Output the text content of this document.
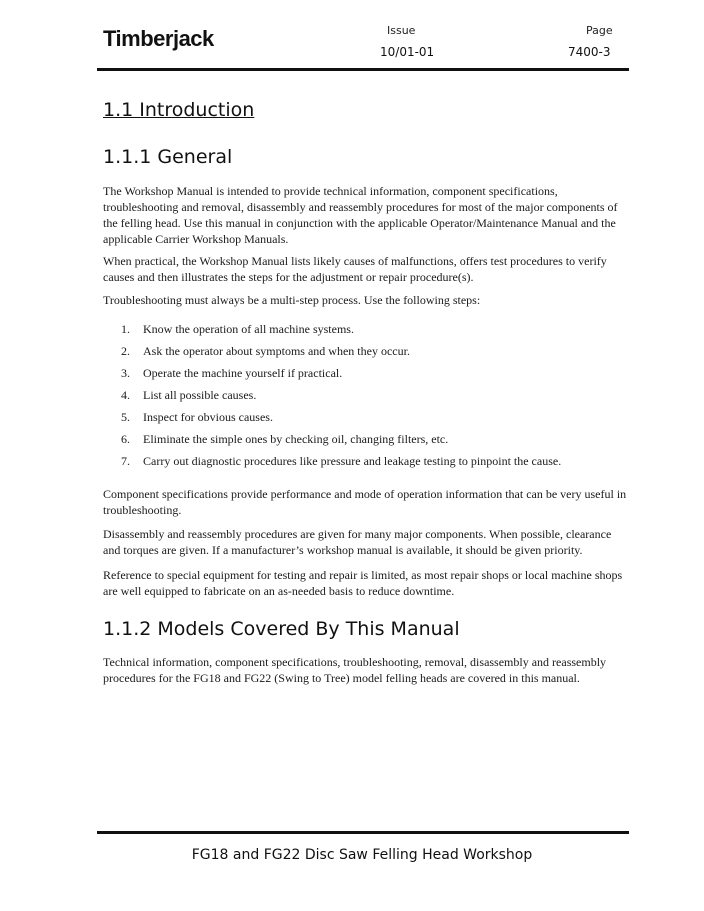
Timberjack	Issue
10/01-01
Page
7400-3
1.1 Introduction
1.1.1 General

The Workshop Manual is intended to provide technical information, component specifications, troubleshooting and removal, disassembly and reassembly procedures for most of the major components of the felling head. Use this manual in conjunction with the applicable Operator/Maintenance Manual and the applicable Carrier Workshop Manuals.

When practical, the Workshop Manual lists likely causes of malfunctions, offers test procedures to verify causes and then illustrates the steps for the adjustment or repair procedure(s).

Troubleshooting must always be a multi-step process. Use the following steps:

1.	Know the operation of all machine systems.
2.	Ask the operator about symptoms and when they occur.
3.	Operate the machine yourself if practical.
4.	List all possible causes.
5.	Inspect for obvious causes.
6.	Eliminate the simple ones by checking oil, changing filters, etc.
7.	Carry out diagnostic procedures like pressure and leakage testing to pinpoint the cause.

Component specifications provide performance and mode of operation information that can be very useful in troubleshooting.

Disassembly and reassembly procedures are given for many major components. When possible, clearance and torques are given. If a manufacturer’s workshop manual is available, it should be given priority.

Reference to special equipment for testing and repair is limited, as most repair shops or local machine shops are well equipped to fabricate on an as-needed basis to reduce downtime.

1.1.2 Models Covered By This Manual

Technical information, component specifications, troubleshooting, removal, disassembly and reassembly procedures for the FG18 and FG22 (Swing to Tree) model felling heads are covered in this manual.

FG18 and FG22 Disc Saw Felling Head Workshop
